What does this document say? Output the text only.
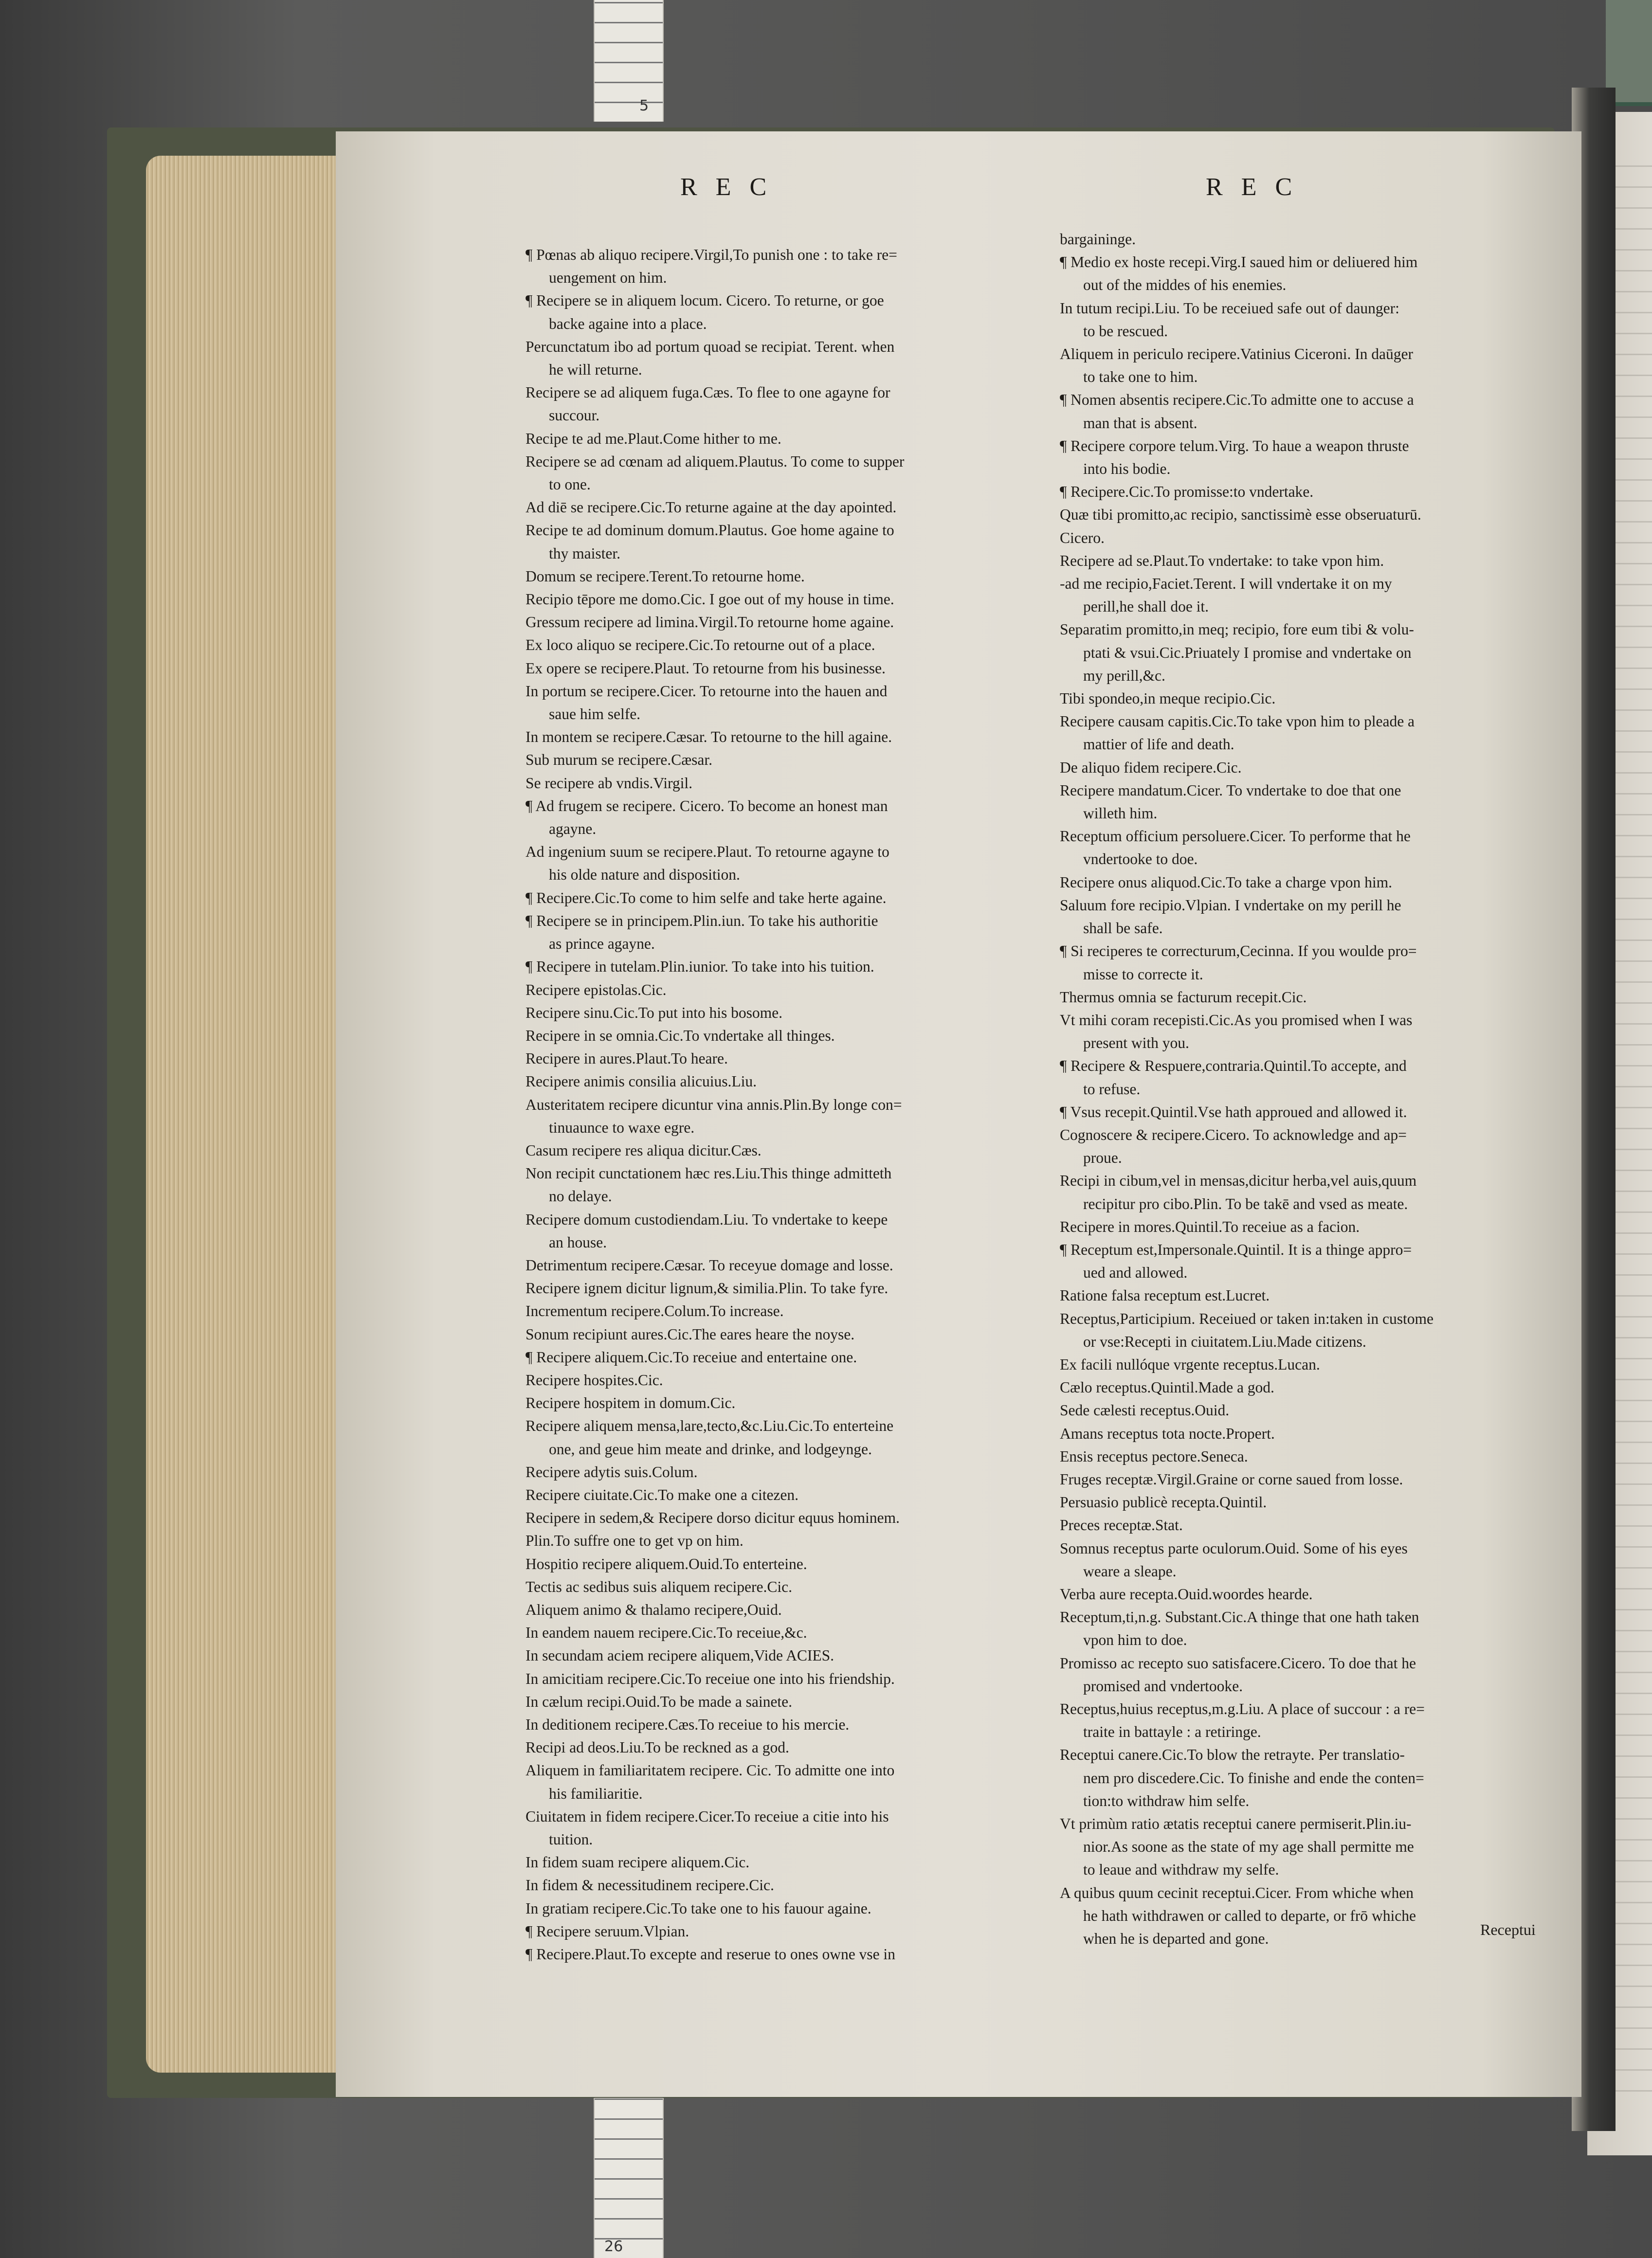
5
26
REC	REC
¶ Pœnas ab aliquo recipere.Virgil,To punish one : to take re=
uengement on him.
¶ Recipere se in aliquem locum. Cicero. To returne, or goe
backe againe into a place.
Percunctatum ibo ad portum quoad se recipiat. Terent. when
he will returne.
Recipere se ad aliquem fuga.Cæs. To flee to one agayne for
succour.
Recipe te ad me.Plaut.Come hither to me.
Recipere se ad cœnam ad aliquem.Plautus. To come to supper
to one.
Ad diē se recipere.Cic.To returne againe at the day apointed.
Recipe te ad dominum domum.Plautus. Goe home againe to
thy maister.
Domum se recipere.Terent.To retourne home.
Recipio tēpore me domo.Cic. I goe out of my house in time.
Gressum recipere ad limina.Virgil.To retourne home againe.
Ex loco aliquo se recipere.Cic.To retourne out of a place.
Ex opere se recipere.Plaut. To retourne from his businesse.
In portum se recipere.Cicer. To retourne into the hauen and
saue him selfe.
In montem se recipere.Cæsar. To retourne to the hill againe.
Sub murum se recipere.Cæsar.
Se recipere ab vndis.Virgil.
¶ Ad frugem se recipere. Cicero. To become an honest man
agayne.
Ad ingenium suum se recipere.Plaut. To retourne agayne to
his olde nature and disposition.
¶ Recipere.Cic.To come to him selfe and take herte againe.
¶ Recipere se in principem.Plin.iun. To take his authoritie
as prince agayne.
¶ Recipere in tutelam.Plin.iunior. To take into his tuition.
Recipere epistolas.Cic.
Recipere sinu.Cic.To put into his bosome.
Recipere in se omnia.Cic.To vndertake all thinges.
Recipere in aures.Plaut.To heare.
Recipere animis consilia alicuius.Liu.
Austeritatem recipere dicuntur vina annis.Plin.By longe con=
tinuaunce to waxe egre.
Casum recipere res aliqua dicitur.Cæs.
Non recipit cunctationem hæc res.Liu.This thinge admitteth
no delaye.
Recipere domum custodiendam.Liu. To vndertake to keepe
an house.
Detrimentum recipere.Cæsar. To receyue domage and losse.
Recipere ignem dicitur lignum,& similia.Plin. To take fyre.
Incrementum recipere.Colum.To increase.
Sonum recipiunt aures.Cic.The eares heare the noyse.
¶ Recipere aliquem.Cic.To receiue and entertaine one.
Recipere hospites.Cic.
Recipere hospitem in domum.Cic.
Recipere aliquem mensa,lare,tecto,&c.Liu.Cic.To enterteine
one, and geue him meate and drinke, and lodgeynge.
Recipere adytis suis.Colum.
Recipere ciuitate.Cic.To make one a citezen.
Recipere in sedem,& Recipere dorso dicitur equus hominem.
Plin.To suffre one to get vp on him.
Hospitio recipere aliquem.Ouid.To enterteine.
Tectis ac sedibus suis aliquem recipere.Cic.
Aliquem animo & thalamo recipere,Ouid.
In eandem nauem recipere.Cic.To receiue,&c.
In secundam aciem recipere aliquem,Vide ACIES.
In amicitiam recipere.Cic.To receiue one into his friendship.
In cælum recipi.Ouid.To be made a sainete.
In deditionem recipere.Cæs.To receiue to his mercie.
Recipi ad deos.Liu.To be reckned as a god.
Aliquem in familiaritatem recipere. Cic. To admitte one into
his familiaritie.
Ciuitatem in fidem recipere.Cicer.To receiue a citie into his
tuition.
In fidem suam recipere aliquem.Cic.
In fidem & necessitudinem recipere.Cic.
In gratiam recipere.Cic.To take one to his fauour againe.
¶ Recipere seruum.Vlpian.
¶ Recipere.Plaut.To excepte and reserue to ones owne vse in
bargaininge.
¶ Medio ex hoste recepi.Virg.I saued him or deliuered him
out of the middes of his enemies.
In tutum recipi.Liu. To be receiued safe out of daunger:
to be rescued.
Aliquem in periculo recipere.Vatinius Ciceroni. In daūger
to take one to him.
¶ Nomen absentis recipere.Cic.To admitte one to accuse a
man that is absent.
¶ Recipere corpore telum.Virg. To haue a weapon thruste
into his bodie.
¶ Recipere.Cic.To promisse:to vndertake.
Quæ tibi promitto,ac recipio, sanctissimè esse obseruaturū.
Cicero.
Recipere ad se.Plaut.To vndertake: to take vpon him.
-ad me recipio,Faciet.Terent. I will vndertake it on my
perill,he shall doe it.
Separatim promitto,in meq; recipio, fore eum tibi & volu-
ptati & vsui.Cic.Priuately I promise and vndertake on
my perill,&c.
Tibi spondeo,in meque recipio.Cic.
Recipere causam capitis.Cic.To take vpon him to pleade a
mattier of life and death.
De aliquo fidem recipere.Cic.
Recipere mandatum.Cicer. To vndertake to doe that one
willeth him.
Receptum officium persoluere.Cicer. To performe that he
vndertooke to doe.
Recipere onus aliquod.Cic.To take a charge vpon him.
Saluum fore recipio.Vlpian. I vndertake on my perill he
shall be safe.
¶ Si reciperes te correcturum,Cecinna. If you woulde pro=
misse to correcte it.
Thermus omnia se facturum recepit.Cic.
Vt mihi coram recepisti.Cic.As you promised when I was
present with you.
¶ Recipere & Respuere,contraria.Quintil.To accepte, and
to refuse.
¶ Vsus recepit.Quintil.Vse hath approued and allowed it.
Cognoscere & recipere.Cicero. To acknowledge and ap=
proue.
Recipi in cibum,vel in mensas,dicitur herba,vel auis,quum
recipitur pro cibo.Plin. To be takē and vsed as meate.
Recipere in mores.Quintil.To receiue as a facion.
¶ Receptum est,Impersonale.Quintil. It is a thinge appro=
ued and allowed.
Ratione falsa receptum est.Lucret.
Receptus,Participium. Receiued or taken in:taken in custome
or vse:Recepti in ciuitatem.Liu.Made citizens.
Ex facili nullóque vrgente receptus.Lucan.
Cælo receptus.Quintil.Made a god.
Sede cælesti receptus.Ouid.
Amans receptus tota nocte.Propert.
Ensis receptus pectore.Seneca.
Fruges receptæ.Virgil.Graine or corne saued from losse.
Persuasio publicè recepta.Quintil.
Preces receptæ.Stat.
Somnus receptus parte oculorum.Ouid. Some of his eyes
weare a sleape.
Verba aure recepta.Ouid.woordes hearde.
Receptum,ti,n.g. Substant.Cic.A thinge that one hath taken
vpon him to doe.
Promisso ac recepto suo satisfacere.Cicero. To doe that he
promised and vndertooke.
Receptus,huius receptus,m.g.Liu. A place of succour : a re=
traite in battayle : a retiringe.
Receptui canere.Cic.To blow the retrayte. Per translatio-
nem pro discedere.Cic. To finishe and ende the conten=
tion:to withdraw him selfe.
Vt primùm ratio ætatis receptui canere permiserit.Plin.iu-
nior.As soone as the state of my age shall permitte me
to leaue and withdraw my selfe.
A quibus quum cecinit receptui.Cicer. From whiche when
he hath withdrawen or called to departe, or frō whiche
when he is departed and gone.
Receptui
